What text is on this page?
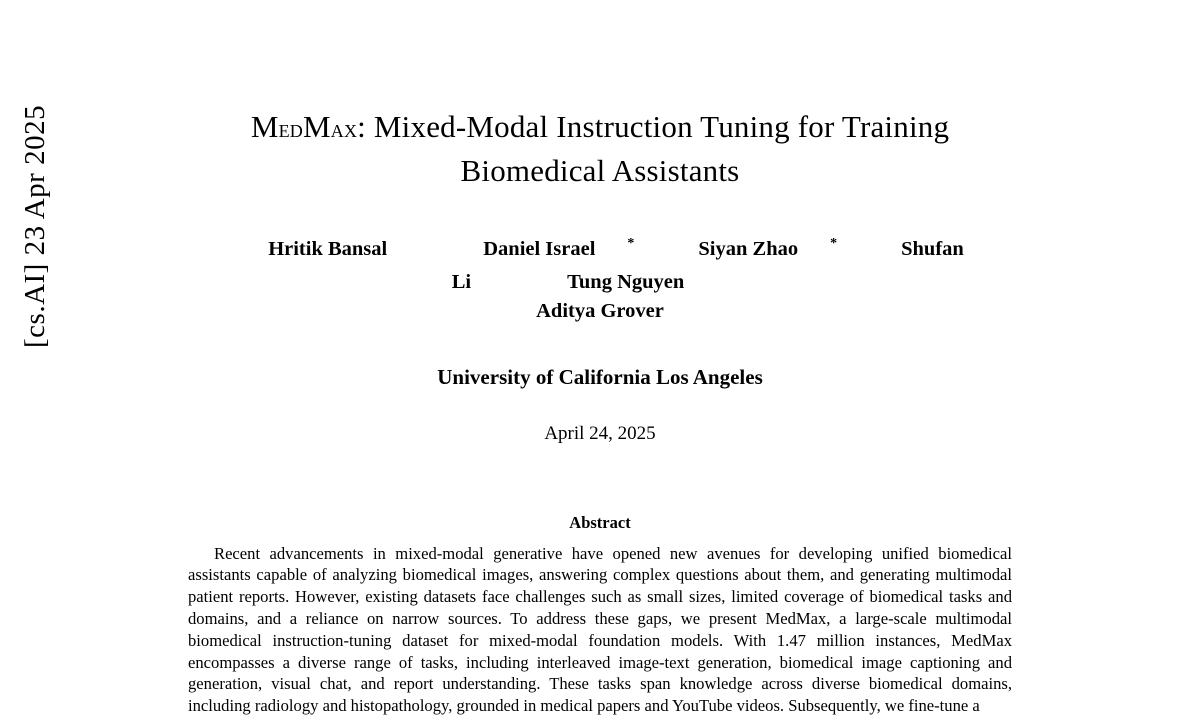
[cs.AI] 23 Apr 2025	MedMax: Mixed-Modal Instruction Tuning for Training
Biomedical Assistants
Hritik Bansal	Daniel Israel *	Siyan Zhao *	Shufan Li	Tung Nguyen
Aditya Grover
University of California Los Angeles
April 24, 2025
Abstract

Recent advancements in mixed-modal generative have opened new avenues for developing unified biomedical assistants capable of analyzing biomedical images, answering complex questions about them, and generating multimodal patient reports. However, existing datasets face challenges such as small sizes, limited coverage of biomedical tasks and domains, and a reliance on narrow sources. To address these gaps, we present MedMax, a large-scale multimodal biomedical instruction-tuning dataset for mixed-modal foundation models. With 1.47 million instances, MedMax encompasses a diverse range of tasks, including interleaved image-text generation, biomedical image captioning and generation, visual chat, and report understanding. These tasks span knowledge across diverse biomedical domains, including radiology and histopathology, grounded in medical papers and YouTube videos. Subsequently, we fine-tune a
